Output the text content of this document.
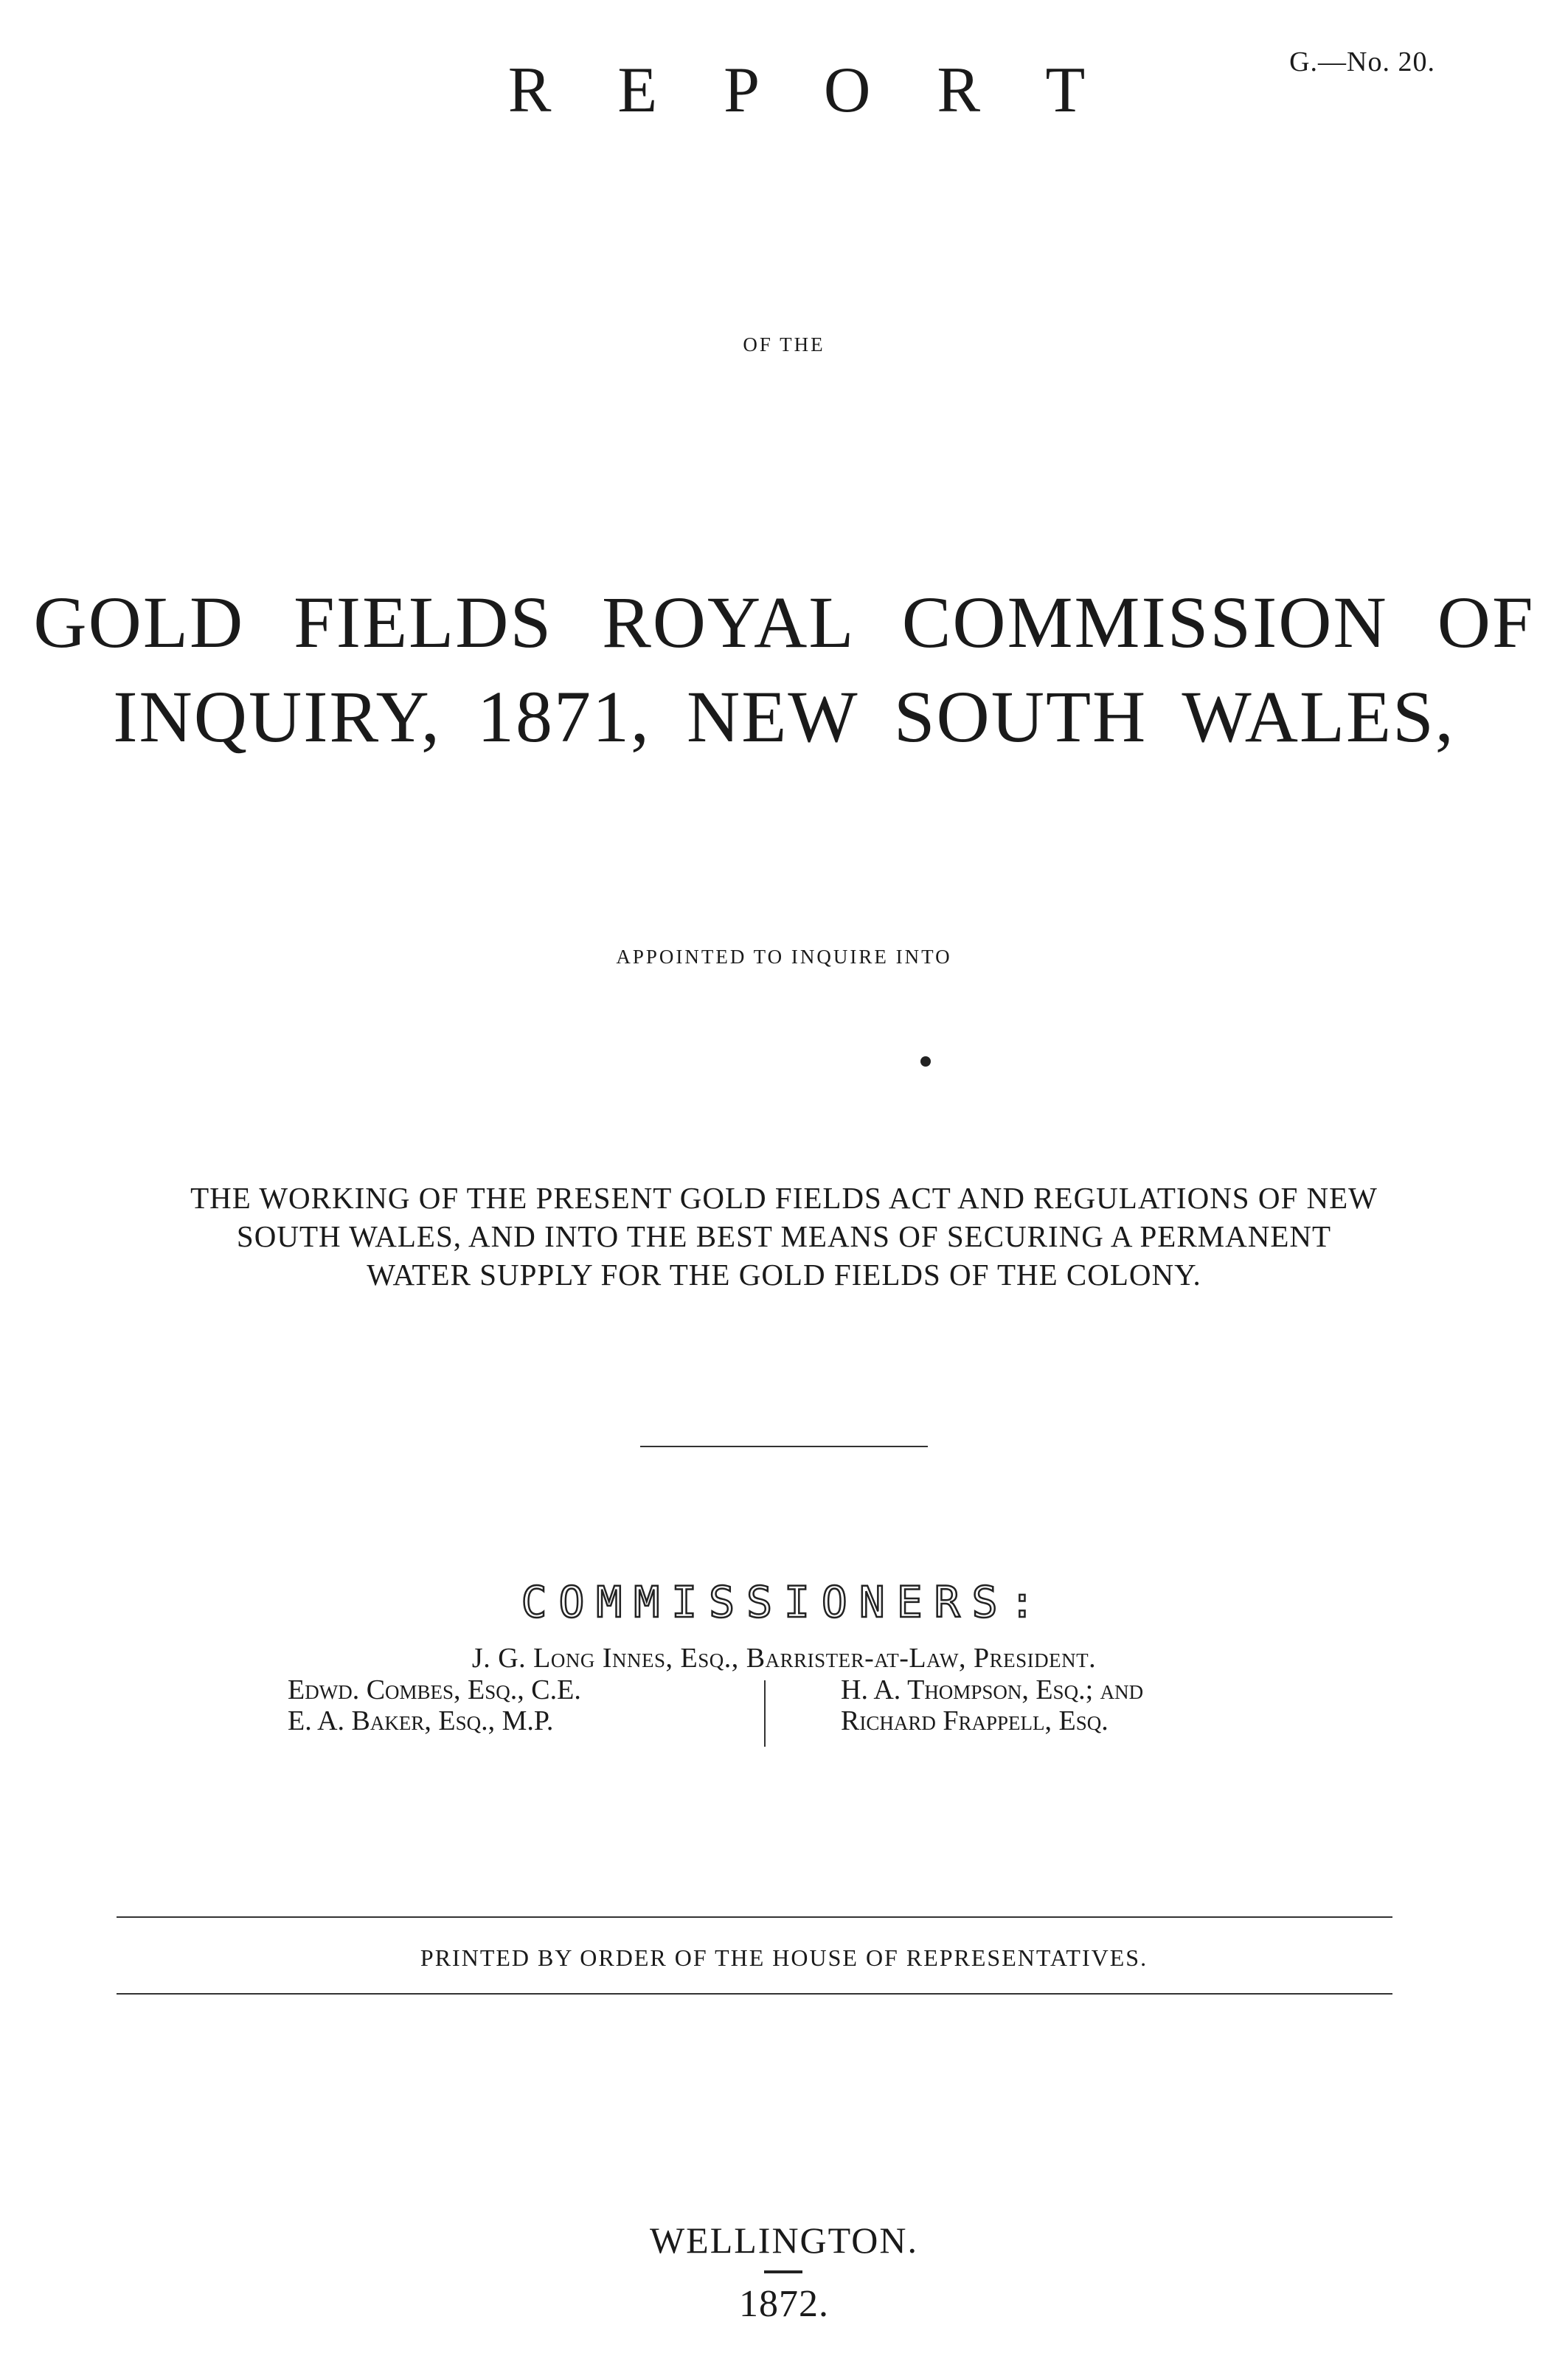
G.—No. 20.
R E P O R T
OF THE
GOLD FIELDS ROYAL COMMISSION OF
INQUIRY, 1871, NEW SOUTH WALES,
APPOINTED TO INQUIRE INTO
THE WORKING OF THE PRESENT GOLD FIELDS ACT AND REGULATIONS OF NEW
SOUTH WALES, AND INTO THE BEST MEANS OF SECURING A PERMANENT
WATER SUPPLY FOR THE GOLD FIELDS OF THE COLONY.
COMMISSIONERS:
J. G. Long Innes, Esq., Barrister-at-Law, President.
Edwd. Combes, Esq., C.E.
E. A. Baker, Esq., M.P.
H. A. Thompson, Esq.; and
Richard Frappell, Esq.
PRINTED BY ORDER OF THE HOUSE OF REPRESENTATIVES.
WELLINGTON.
1872.
